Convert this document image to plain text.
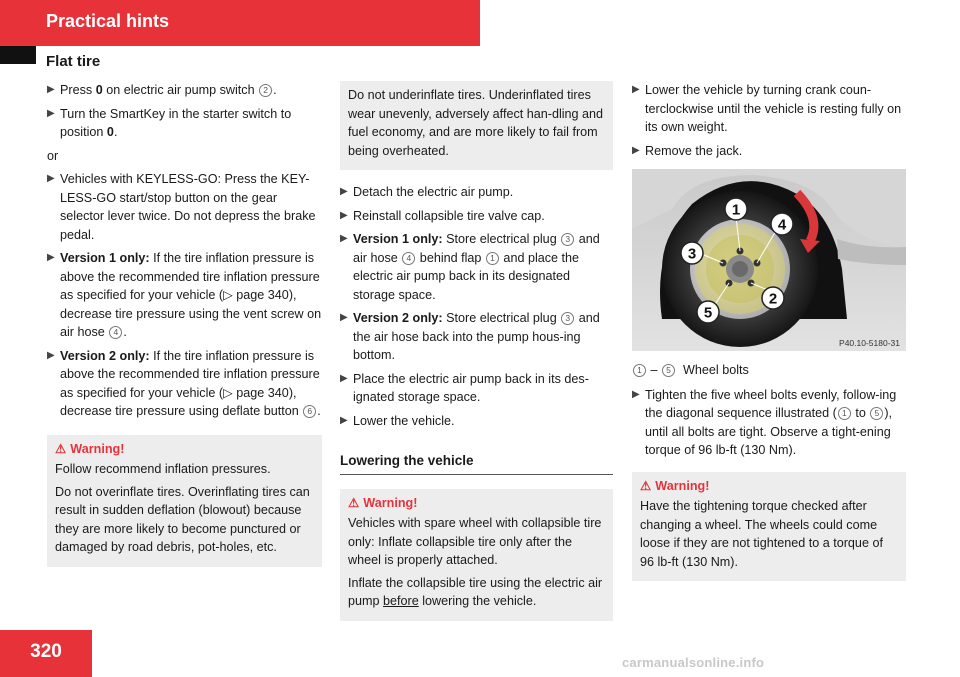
Practical hints
Flat tire
▶ Press 0 on electric air pump switch 2 .
▶ Turn the SmartKey in the starter switch to position 0.
or
▶ Vehicles with KEYLESS-GO: Press the KEY-LESS-GO start/stop button on the gear selector lever twice. Do not depress the brake pedal.
▶ Version 1 only: If the tire inflation pressure is above the recommended tire inflation pressure as specified for your vehicle (▷ page 340), decrease tire pressure using the vent screw on air hose 4 .
▶ Version 2 only: If the tire inflation pressure is above the recommended tire inflation pressure as specified for your vehicle (▷ page 340), decrease tire pressure using deflate button 6 .
⚠ Warning!

Follow recommend inflation pressures.

Do not overinflate tires. Overinflating tires can result in sudden deflation (blowout) because they are more likely to become punctured or damaged by road debris, pot-holes, etc.

Do not underinflate tires. Underinflated tires wear unevenly, adversely affect han-dling and fuel economy, and are more likely to fail from being overheated.

▶ Detach the electric air pump.
▶ Reinstall collapsible tire valve cap.
▶ Version 1 only: Store electrical plug 3 and air hose 4 behind flap 1 and place the electric air pump back in its designated storage space.
▶ Version 2 only: Store electrical plug 3 and the air hose back into the pump hous-ing bottom.
▶ Place the electric air pump back in its des-ignated storage space.
▶ Lower the vehicle.
Lowering the vehicle
⚠ Warning!

Vehicles with spare wheel with collapsible tire only: Inflate collapsible tire only after the wheel is properly attached.

Inflate the collapsible tire using the electric air pump before lowering the vehicle.

▶ Lower the vehicle by turning crank coun-terclockwise until the vehicle is resting fully on its own weight.
▶ Remove the jack.
1
2
3
4
5
P40.10-5180-31
1 – 5 Wheel bolts
▶ Tighten the five wheel bolts evenly, follow-ing the diagonal sequence illustrated ( 1 to 5 ), until all bolts are tight. Observe a tight-ening torque of 96 lb-ft (130 Nm).
⚠ Warning!

Have the tightening torque checked after changing a wheel. The wheels could come loose if they are not tightened to a torque of 96 lb-ft (130 Nm).

320
carmanualsonline.info
